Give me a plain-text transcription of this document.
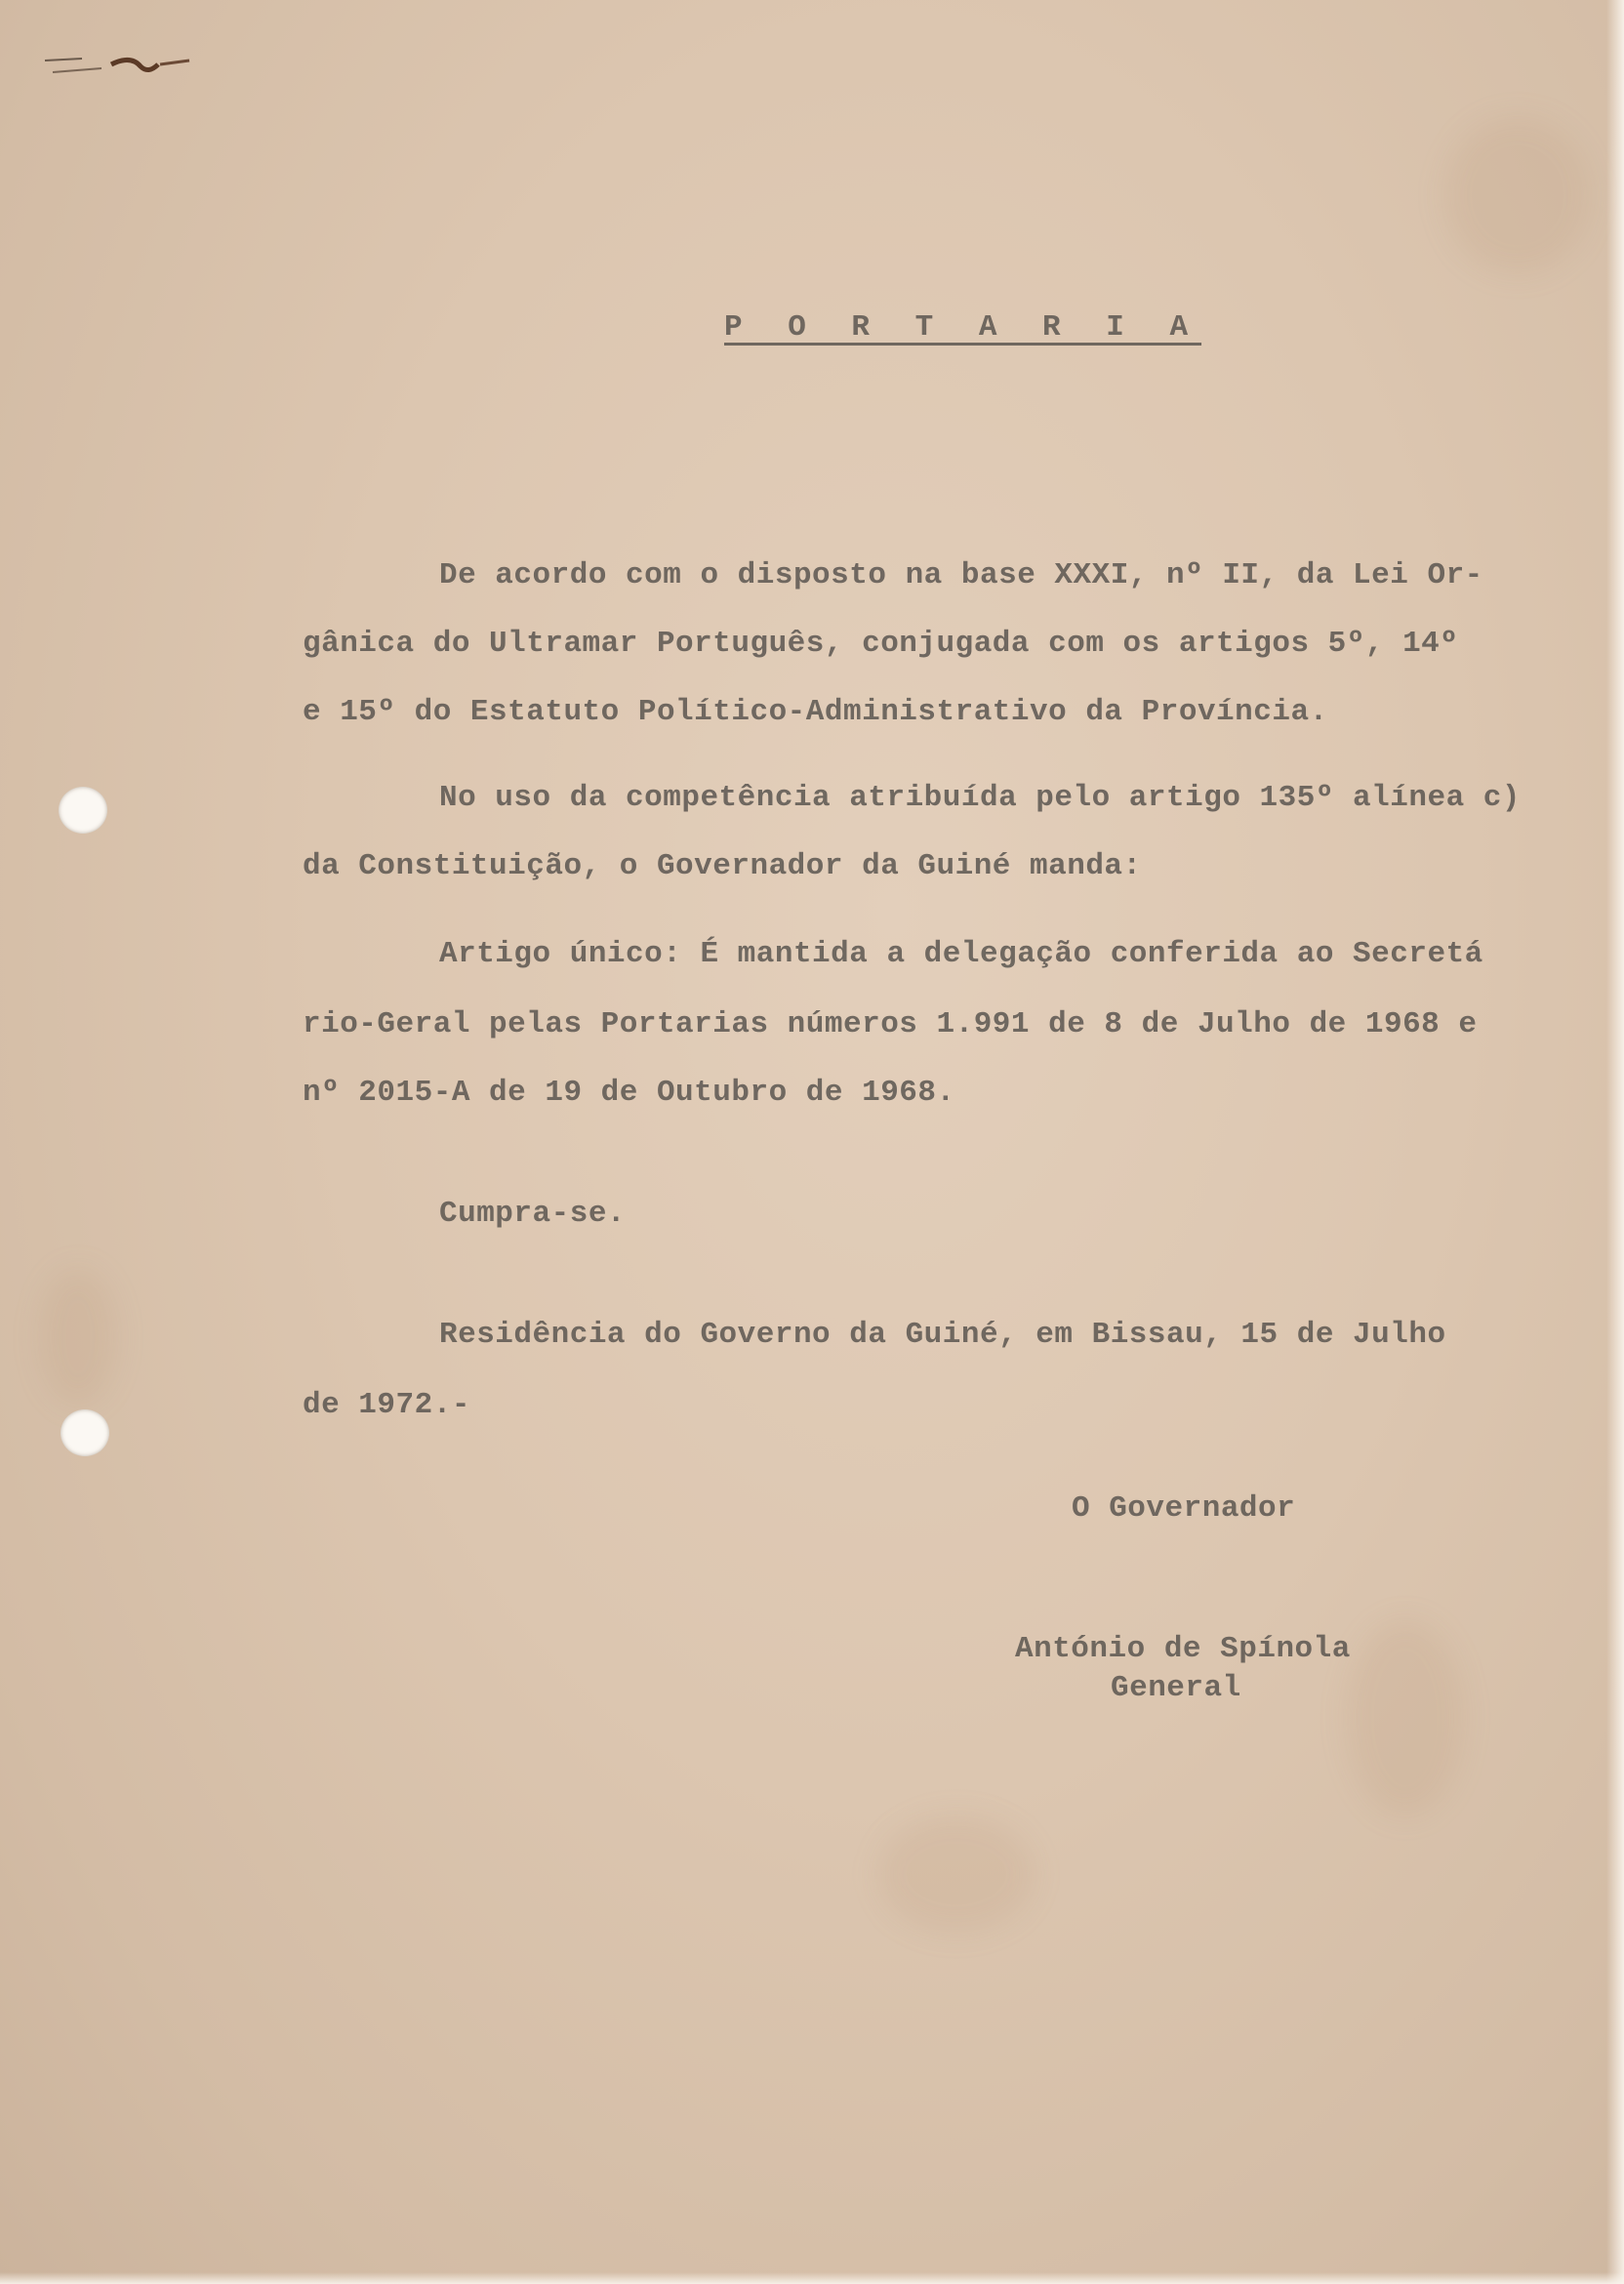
P O R T A R I A
De acordo com o disposto na base XXXI, nº II, da Lei Or-
gânica do Ultramar Português, conjugada com os artigos 5º, 14º
e 15º do Estatuto Político-Administrativo da Província.
No uso da competência atribuída pelo artigo 135º alínea c)
da Constituição, o Governador da Guiné manda:
Artigo único: É mantida a delegação conferida ao Secretá
rio-Geral pelas Portarias números 1.991 de 8 de Julho de 1968 e
nº 2015-A de 19 de Outubro de 1968.
Cumpra-se.
Residência do Governo da Guiné, em Bissau, 15 de Julho
de 1972.-
O Governador
António de Spínola
General
